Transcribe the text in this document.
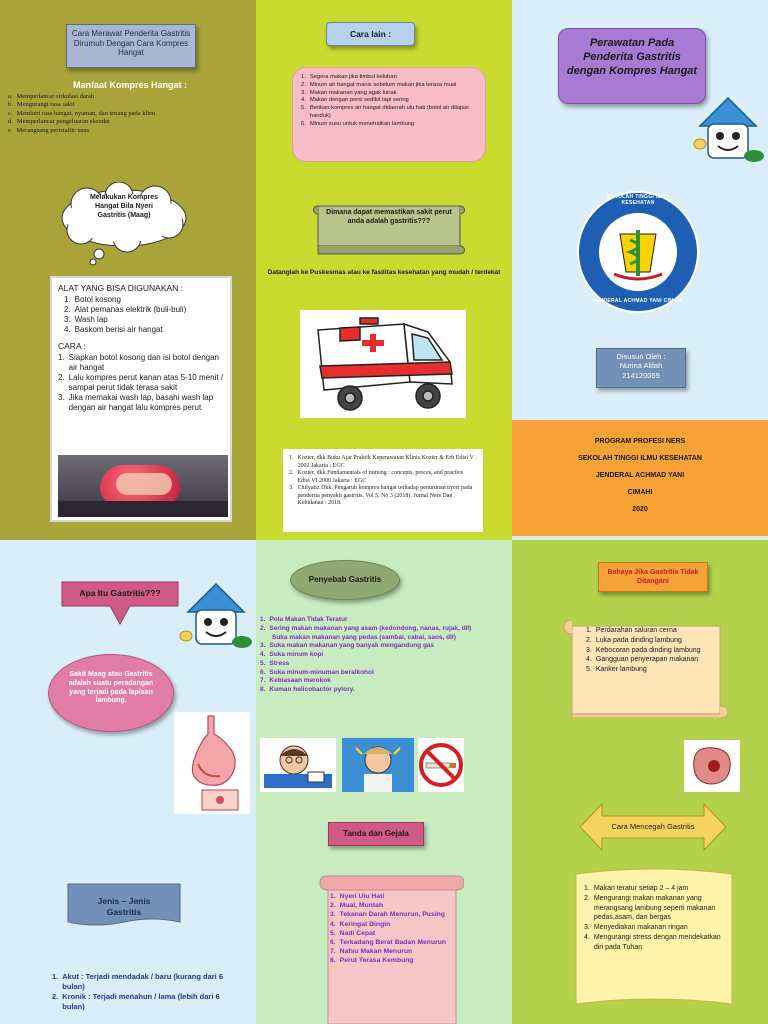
Cara Merawat Penderita Gastritis Dirumuh Dengan Cara Kompres Hangat
Manfaat Kompres Hangat :
a. Memperlancar sirkulasi darah
b. Mengurangi rasa sakit
c. Memberi rasa hangat, nyaman, dan tenang pada klien
d. Memperlancar pengeluaran eksudat
e. Merangsang peristaltic usus
Melakukan Kompres Hangat Bila Nyeri Gastritis (Maag)
ALAT YANG BISA DIGUNAKAN :
1. Botol kosong
2. Alat pemanas elektrik (buli-buli)
3. Wash lap
4. Baskom berisi air hangat
CARA :
1. Siapkan botol kosong dan isi botol dengan air hangat
2. Lalu kompres perut kanan atas 5-10 menit / sampai perut tidak terasa sakit
3. Jika memakai wash lap, basahi wash lap dengan air hangat lalu kompres perut
Cara lain :
1. Segera makan jika timbul keluhan
2. Minum air hangat manis sebelum makan jika terasa mual
3. Makan makanan yang agak lunak
4. Makan dengan porsi sedikit tapi sering
5. Berikan kompres air hangat didaerah ulu hati (botol air dilapisi handuk)
6. Minum susu untuk menetralkan lambung
Dimana dapat memastikan sakit perut anda adalah gastritis???
Datanglah ke Puskesmas atau ke fasilitas kesehatan yang mudah / terdekat
1. Kozier, dkk Buku Ajar Praktik Keperawatan Klinis Kozier & Erb Edisi V . 2002 Jakarta : EGC
2. Kozier, dkk Fundamentals of nursing : concepts, proces, and practice Edisi VI 2000 Jakarta : EGC
3. Chilyatiz Dkk. Pengaruh kompres hangat terhadap penurunan nyeri pada penderita penyakit gastritis. Vol 5, No 3 (2018). Jurnal Ners Dan Kebidanan : 2018.
Perawatan Pada Penderita Gastritis dengan Kompres Hangat
SEKOLAH TINGGI ILMU KESEHATAN
JENDERAL ACHMAD YANI CIMAHI
Disusun Oleh :
Nurina Alifah
214120059
PROGRAM PROFESI NERS
SEKOLAH TINGGI ILMU KESEHATAN
JENDERAL ACHMAD YANI
CIMAHI
2020
Apa Itu Gastritis???
Sakit Maag atau Gastritis adalah suatu peradangan yang terjadi pada lapisan lambung.
Jenis – Jenis Gastritis
1. Akut : Terjadi mendadak / baru (kurang dari 6 bulan)
2. Kronik : Terjadi menahun / lama (lebih dari 6 bulan)
Penyebab Gastritis
1. Pola Makan Tidak Teratur
2. Sering makan makanan yang asam (kedondong, nanas, rujak, dll)
Suka makan makanan yang pedas (sambal, cabai, saos, dll)
3. Suka makan makanan yang banyak mengandung gas
4. Suka minum kopi
5. Stress
6. Suka minum-minuman beralkohol
7. Kebiasaan merokok
8. Kuman helicobactor pylory.
Tanda dan Gejala
1. Nyeri Ulu Hati
2. Mual, Muntah
3. Tekanan Darah Menurun, Pusing
4. Keringat Dingin
5. Nadi Cepat
6. Terkadang Berat Badan Menurun
7. Nafsu Makan Menurun
8. Perut Terasa Kembung
Bahaya Jika Gastritis Tidak Ditangani
1. Perdarahan saluran cerna
2. Luka pada dinding lambung
3. Kebocoran pada dinding lambung
4. Gangguan penyerapan makanan
5. Kanker lambung
Cara Mencegah Gastritis
1. Makan teratur setiap 2 – 4 jam
2. Mengurangi makan makanan yang merangsang lambung seperti makanan pedas,asam, dan bergas
3. Menyediakan makanan ringan
4. Mengurangi stress dengan mendekatkan diri pada Tuhan
